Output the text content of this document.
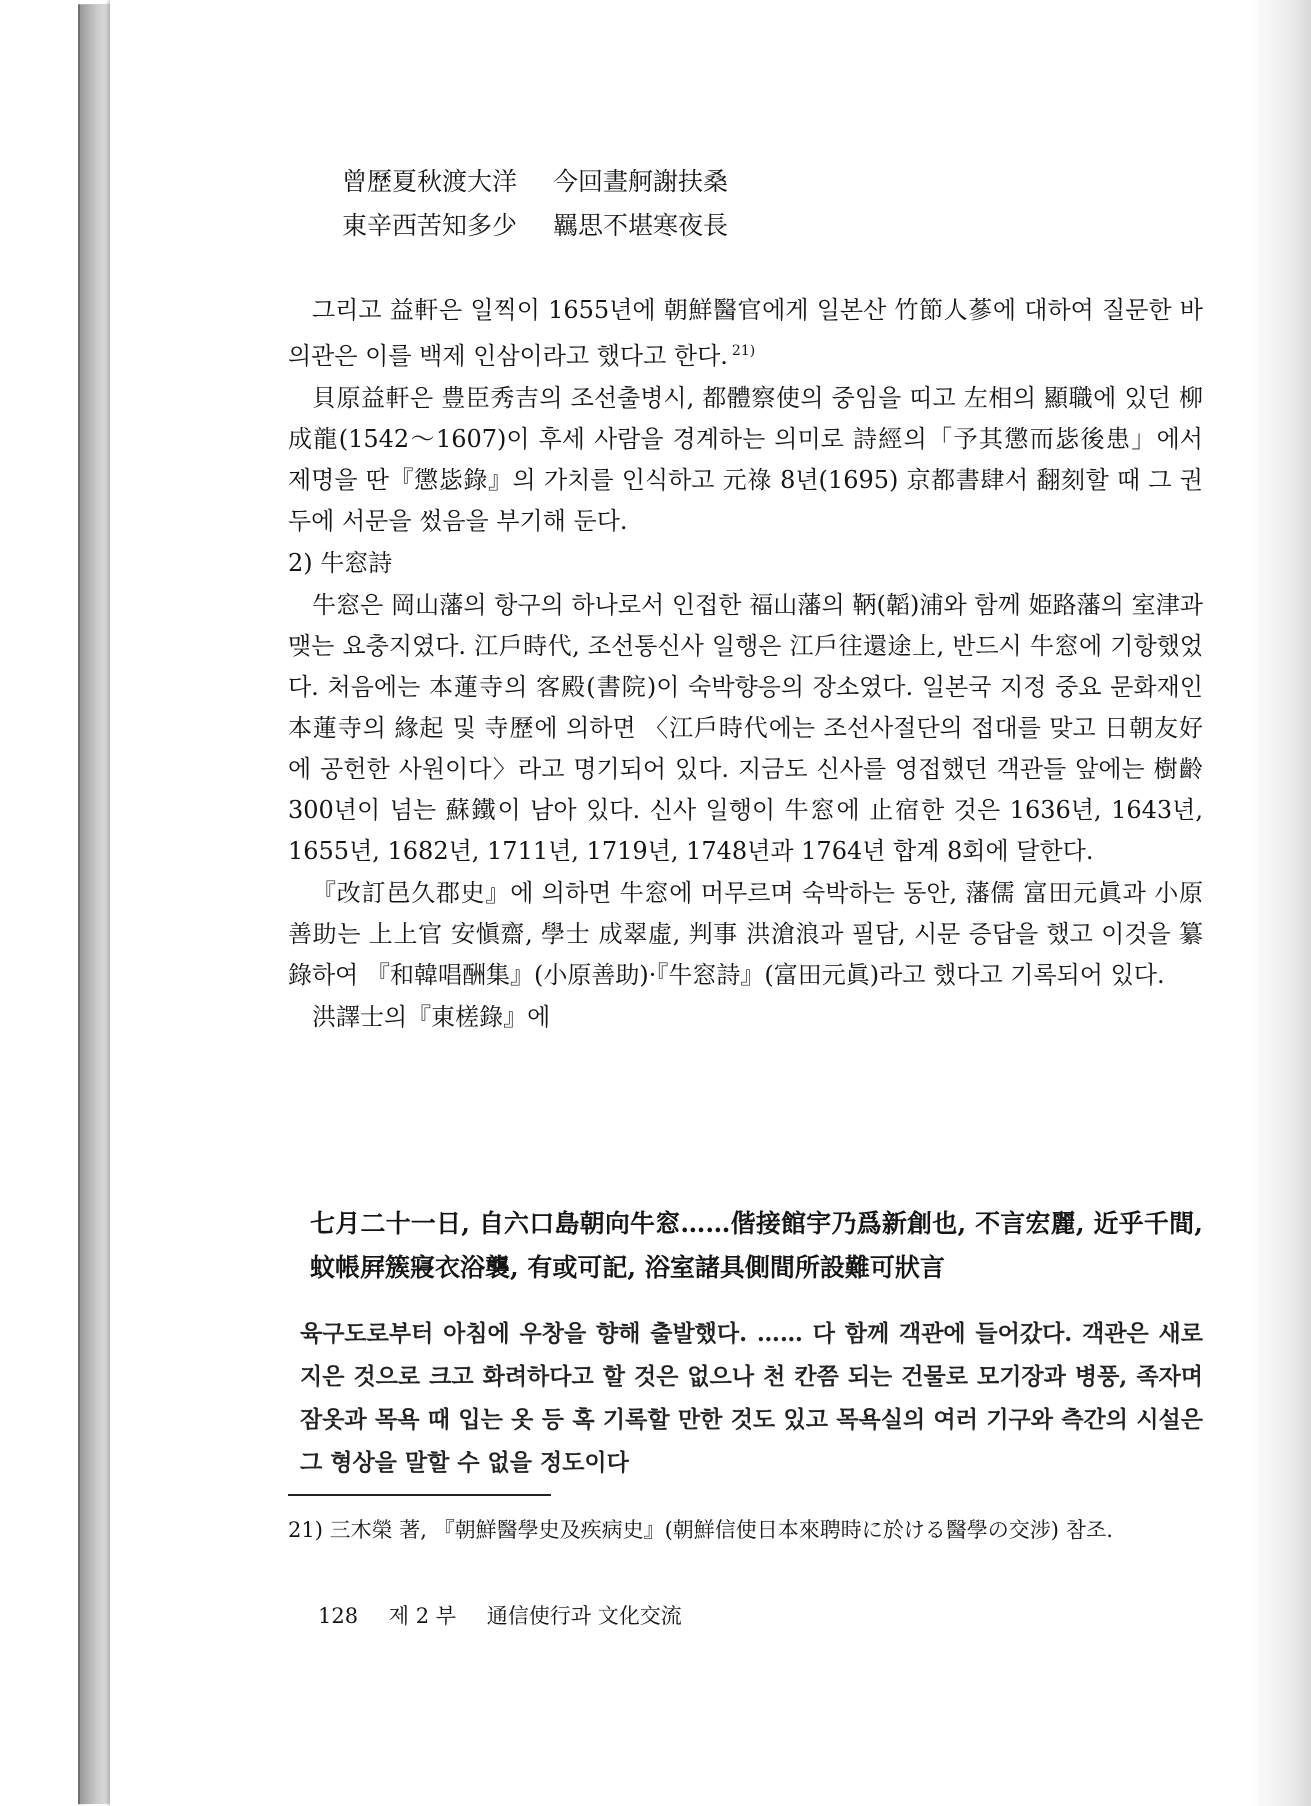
曾歷夏秋渡大洋 今回晝舸謝扶桑
東辛西苦知多少 羈思不堪寒夜長

그리고 益軒은 일찍이 1655년에 朝鮮醫官에게 일본산 竹節人蔘에 대하여 질문한 바 의관은 이를 백제 인삼이라고 했다고 한다. $^{21)}$

貝原益軒은 豊臣秀吉의 조선출병시, 都體察使의 중임을 띠고 左相의 顯職에 있던 柳成龍(1542～1607)이 후세 사람을 경계하는 의미로 詩經의「予其懲而毖後患」에서 제명을 딴『懲毖錄』의 가치를 인식하고 元祿 8년(1695) 京都書肆서 翻刻할 때 그 권두에 서문을 썼음을 부기해 둔다.

2) 牛窓詩

牛窓은 岡山藩의 항구의 하나로서 인접한 福山藩의 鞆(韜)浦와 함께 姫路藩의 室津과 맺는 요충지였다. 江戶時代, 조선통신사 일행은 江戶往還途上, 반드시 牛窓에 기항했었다. 처음에는 本蓮寺의 客殿(書院)이 숙박향응의 장소였다. 일본국 지정 중요 문화재인 本蓮寺의 緣起 및 寺歷에 의하면 〈江戶時代에는 조선사절단의 접대를 맞고 日朝友好에 공헌한 사원이다〉라고 명기되어 있다. 지금도 신사를 영접했던 객관들 앞에는 樹齡 300년이 넘는 蘇鐵이 남아 있다. 신사 일행이 牛窓에 止宿한 것은 1636년, 1643년, 1655년, 1682년, 1711년, 1719년, 1748년과 1764년 합계 8회에 달한다.

『改訂邑久郡史』에 의하면 牛窓에 머무르며 숙박하는 동안, 藩儒 富田元眞과 小原善助는 上上官 安愼齋, 學士 成翠虛, 判事 洪滄浪과 필담, 시문 증답을 했고 이것을 纂錄하여 『和韓唱酬集』(小原善助)·『牛窓詩』(富田元眞)라고 했다고 기록되어 있다.

洪譯士의『東槎錄』에

七月二十一日, 自六口島朝向牛窓……偕接館宇乃爲新創也, 不言宏麗, 近乎千間, 蚊帳屛簇寢衣浴襲, 有或可記, 浴室諸具側間所設難可狀言
육구도로부터 아침에 우창을 향해 출발했다. …… 다 함께 객관에 들어갔다. 객관은 새로 지은 것으로 크고 화려하다고 할 것은 없으나 천 칸쯤 되는 건물로 모기장과 병풍, 족자며 잠옷과 목욕 때 입는 옷 등 혹 기록할 만한 것도 있고 목욕실의 여러 기구와 측간의 시설은 그 형상을 말할 수 없을 정도이다
21) 三木榮 著, 『朝鮮醫學史及疾病史』(朝鮮信使日本來聘時に於ける醫學の交涉) 참조.
128 제 2 부 通信使行과 文化交流
